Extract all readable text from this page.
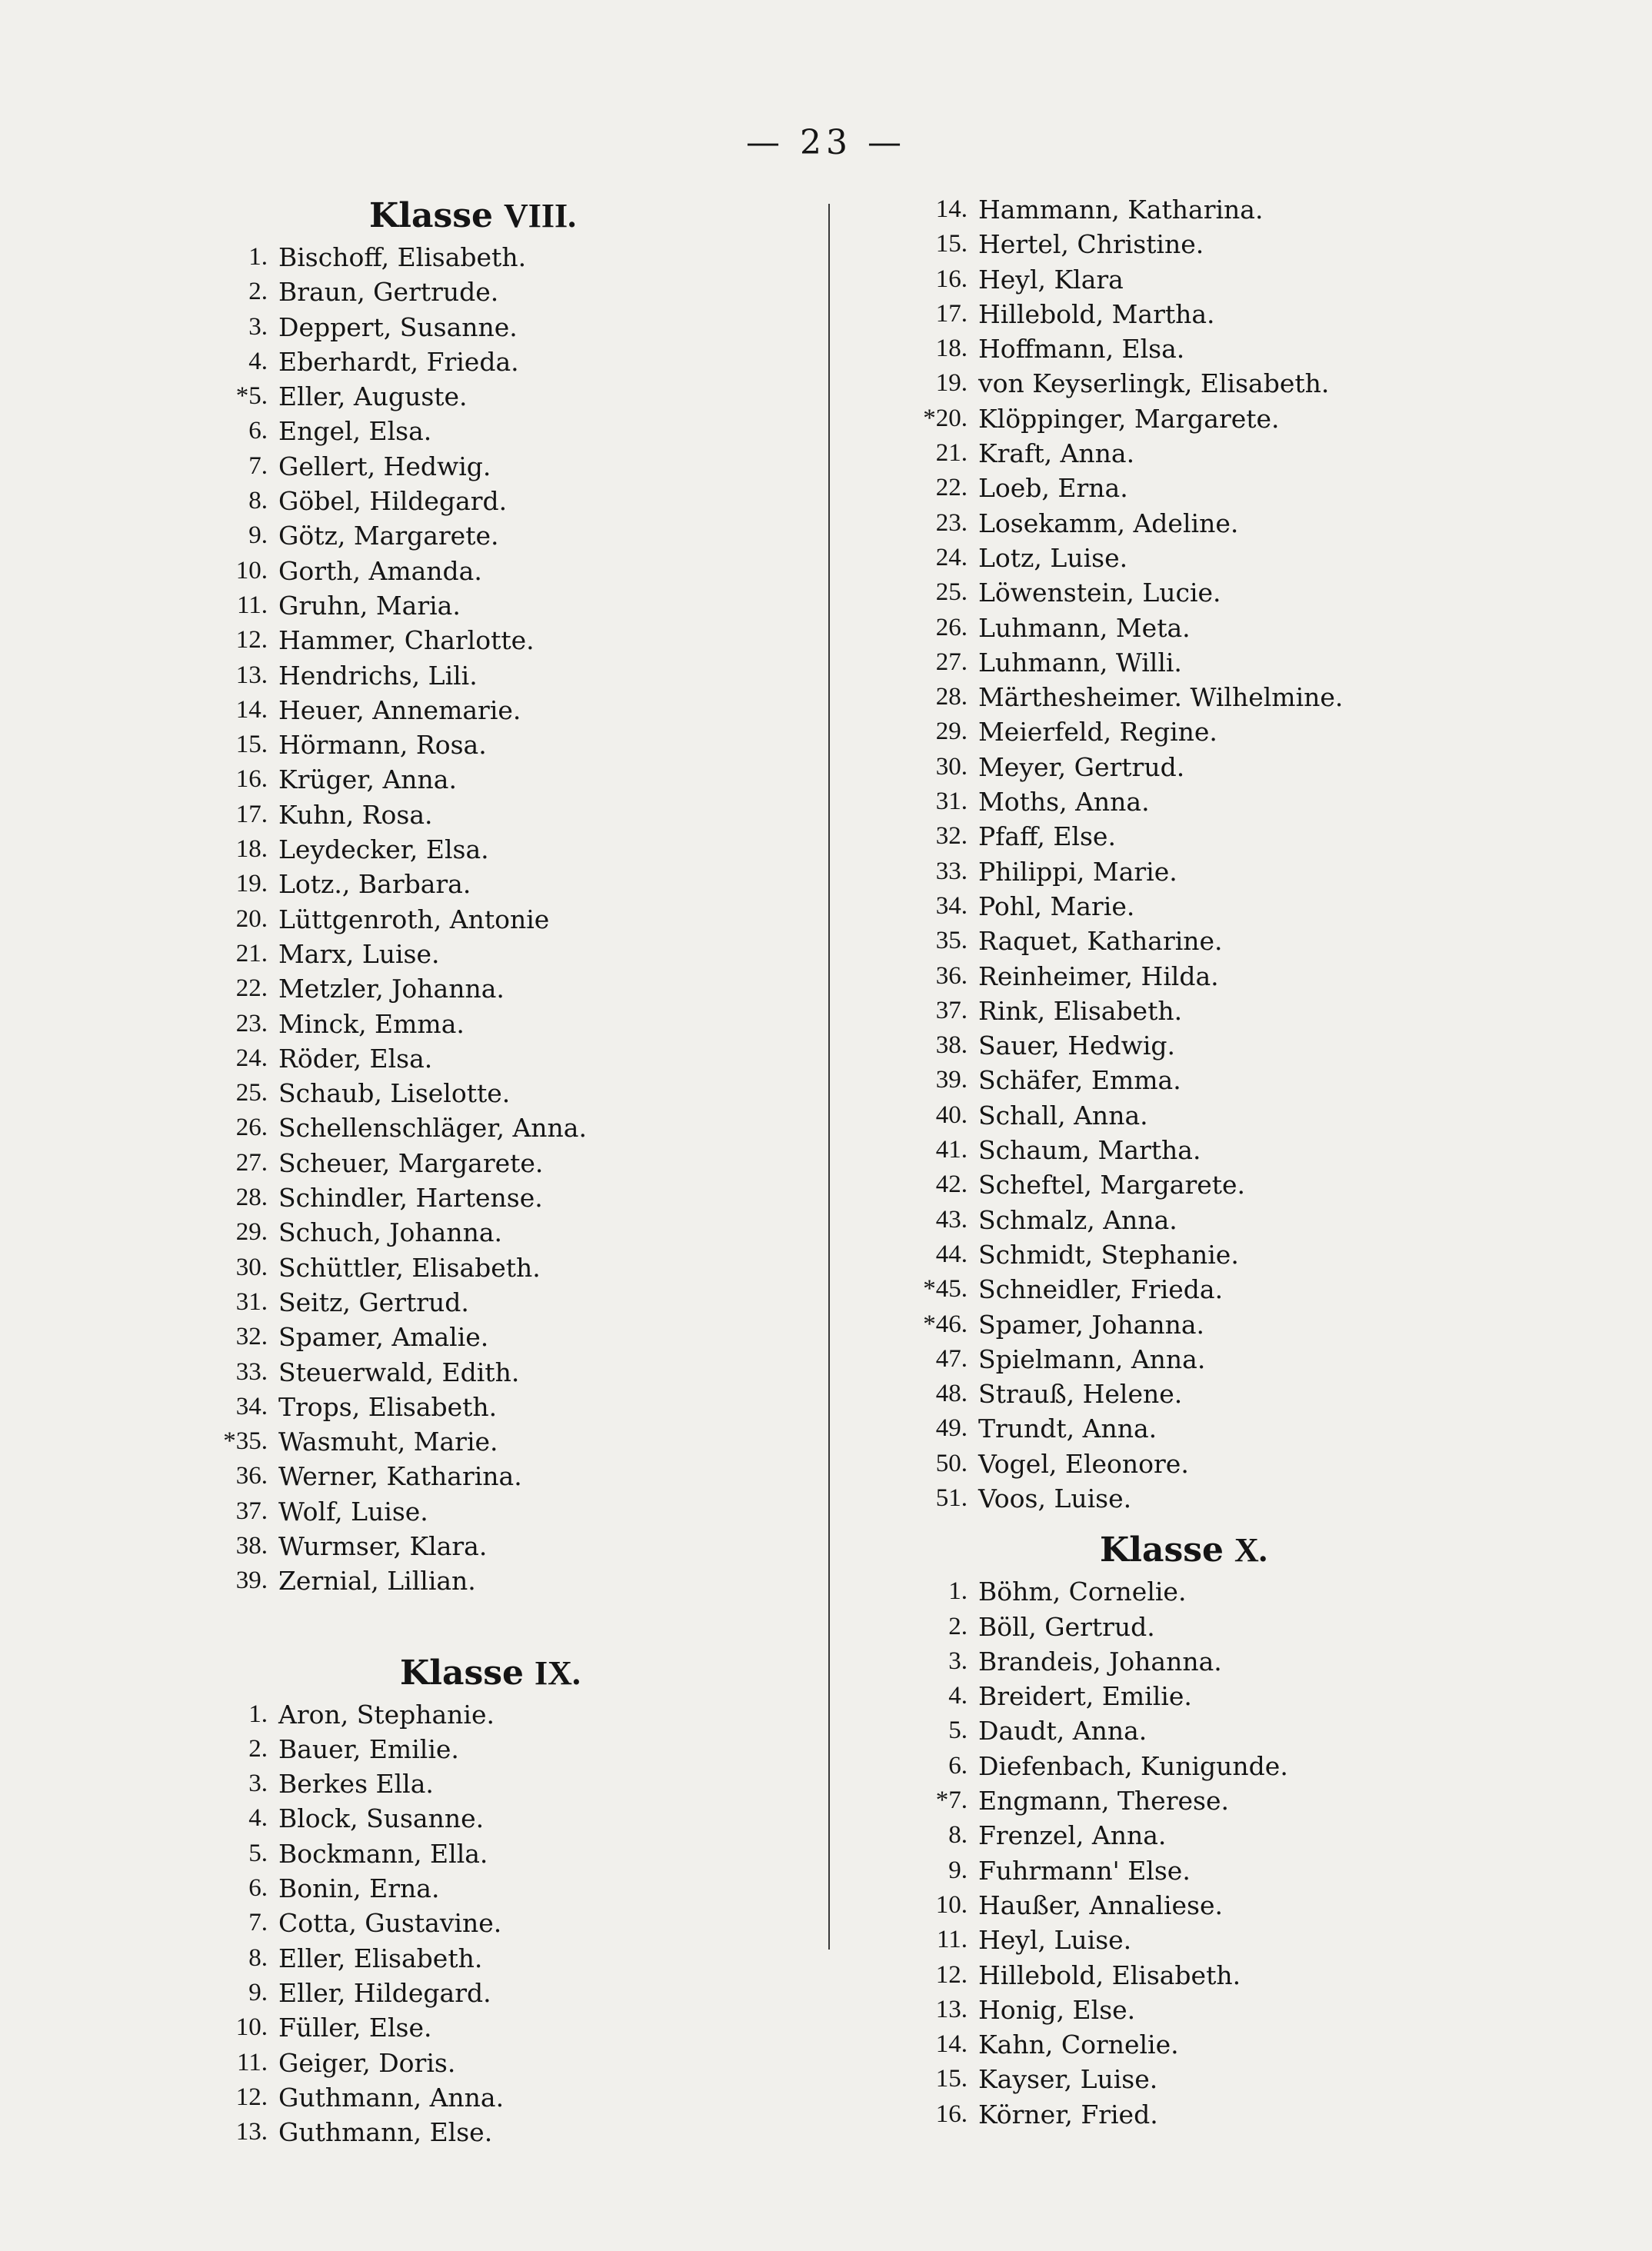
— 23 —
Klasse VIII.
1. Bischoff, Elisabeth.
2. Braun, Gertrude.
3. Deppert, Susanne.
4. Eberhardt, Frieda.
*5. Eller, Auguste.
6. Engel, Elsa.
7. Gellert, Hedwig.
8. Göbel, Hildegard.
9. Götz, Margarete.
10. Gorth, Amanda.
11. Gruhn, Maria.
12. Hammer, Charlotte.
13. Hendrichs, Lili.
14. Heuer, Annemarie.
15. Hörmann, Rosa.
16. Krüger, Anna.
17. Kuhn, Rosa.
18. Leydecker, Elsa.
19. Lotz., Barbara.
20. Lüttgenroth, Antonie
21. Marx, Luise.
22. Metzler, Johanna.
23. Minck, Emma.
24. Röder, Elsa.
25. Schaub, Liselotte.
26. Schellenschläger, Anna.
27. Scheuer, Margarete.
28. Schindler, Hartense.
29. Schuch, Johanna.
30. Schüttler, Elisabeth.
31. Seitz, Gertrud.
32. Spamer, Amalie.
33. Steuerwald, Edith.
34. Trops, Elisabeth.
*35. Wasmuht, Marie.
36. Werner, Katharina.
37. Wolf, Luise.
38. Wurmser, Klara.
39. Zernial, Lillian.
Klasse IX.
1. Aron, Stephanie.
2. Bauer, Emilie.
3. Berkes Ella.
4. Block, Susanne.
5. Bockmann, Ella.
6. Bonin, Erna.
7. Cotta, Gustavine.
8. Eller, Elisabeth.
9. Eller, Hildegard.
10. Füller, Else.
11. Geiger, Doris.
12. Guthmann, Anna.
13. Guthmann, Else.
14. Hammann, Katharina.
15. Hertel, Christine.
16. Heyl, Klara
17. Hillebold, Martha.
18. Hoffmann, Elsa.
19. von Keyserlingk, Elisabeth.
*20. Klöppinger, Margarete.
21. Kraft, Anna.
22. Loeb, Erna.
23. Losekamm, Adeline.
24. Lotz, Luise.
25. Löwenstein, Lucie.
26. Luhmann, Meta.
27. Luhmann, Willi.
28. Märthesheimer. Wilhelmine.
29. Meierfeld, Regine.
30. Meyer, Gertrud.
31. Moths, Anna.
32. Pfaff, Else.
33. Philippi, Marie.
34. Pohl, Marie.
35. Raquet, Katharine.
36. Reinheimer, Hilda.
37. Rink, Elisabeth.
38. Sauer, Hedwig.
39. Schäfer, Emma.
40. Schall, Anna.
41. Schaum, Martha.
42. Scheftel, Margarete.
43. Schmalz, Anna.
44. Schmidt, Stephanie.
*45. Schneidler, Frieda.
*46. Spamer, Johanna.
47. Spielmann, Anna.
48. Strauß, Helene.
49. Trundt, Anna.
50. Vogel, Eleonore.
51. Voos, Luise.
Klasse X.
1. Böhm, Cornelie.
2. Böll, Gertrud.
3. Brandeis, Johanna.
4. Breidert, Emilie.
5. Daudt, Anna.
6. Diefenbach, Kunigunde.
*7. Engmann, Therese.
8. Frenzel, Anna.
9. Fuhrmann' Else.
10. Haußer, Annaliese.
11. Heyl, Luise.
12. Hillebold, Elisabeth.
13. Honig, Else.
14. Kahn, Cornelie.
15. Kayser, Luise.
16. Körner, Fried.
